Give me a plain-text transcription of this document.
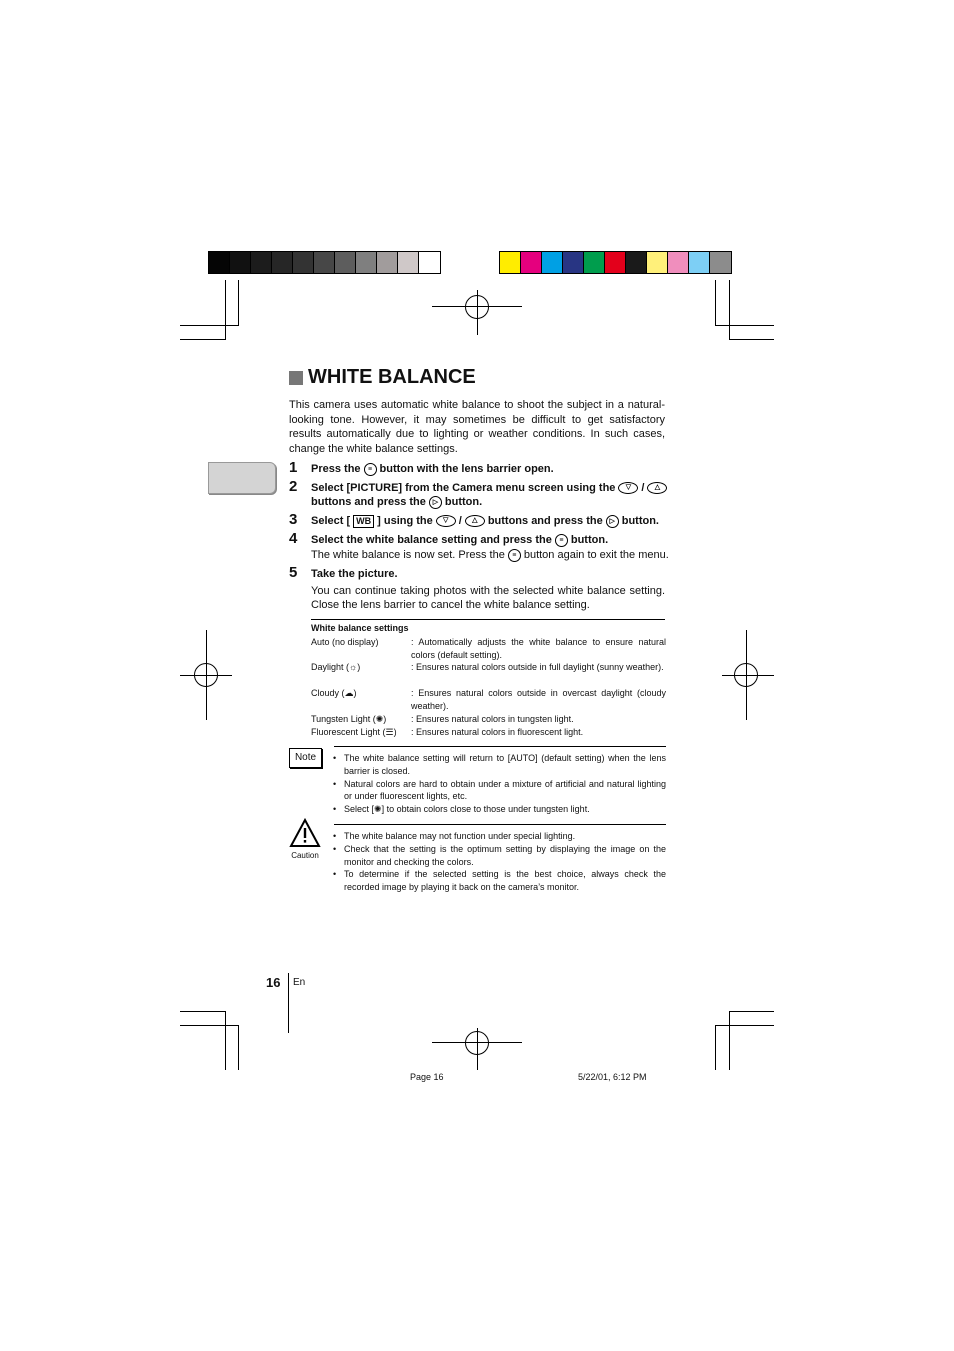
WHITE BALANCE
This camera uses automatic white balance to shoot the subject in a natural-looking tone. However, it may sometimes be difficult to get satisfactory results automatically due to lighting or weather conditions. In such cases, change the white balance settings.
1 Press the ≡ button with the lens barrier open.
2 Select [PICTURE] from the Camera menu screen using the ▽ / △
buttons and press the ▷ button.
3 Select [ WB ] using the ▽ / △ buttons and press the ▷ button.
4 Select the white balance setting and press the ≡ button.
The white balance is now set. Press the ≡ button again to exit the menu.
5 Take the picture.
You can continue taking photos with the selected white balance setting. Close the lens barrier to cancel the white balance setting.
White balance settings
Auto (no display)	: Automatically adjusts the white balance to ensure natural colors (default setting).
Daylight (☼)	: Ensures natural colors outside in full daylight (sunny weather).
Cloudy (☁)	: Ensures natural colors outside in overcast daylight (cloudy weather).
Tungsten Light (✺)	: Ensures natural colors in tungsten light.
Fluorescent Light (☰) : Ensures natural colors in fluorescent light.
Note
•	The white balance setting will return to [AUTO] (default setting) when the lens barrier is closed.
• Natural colors are hard to obtain under a mixture of artificial and natural lighting or under fluorescent lights, etc.
• Select [✺] to obtain colors close to those under tungsten light.
Caution
• The white balance may not function under special lighting.
• Check that the setting is the optimum setting by displaying the image on the monitor and checking the colors.
• To determine if the selected setting is the best choice, always check the recorded image by playing it back on the camera’s monitor.
16 En
Page 16	5/22/01, 6:12 PM
